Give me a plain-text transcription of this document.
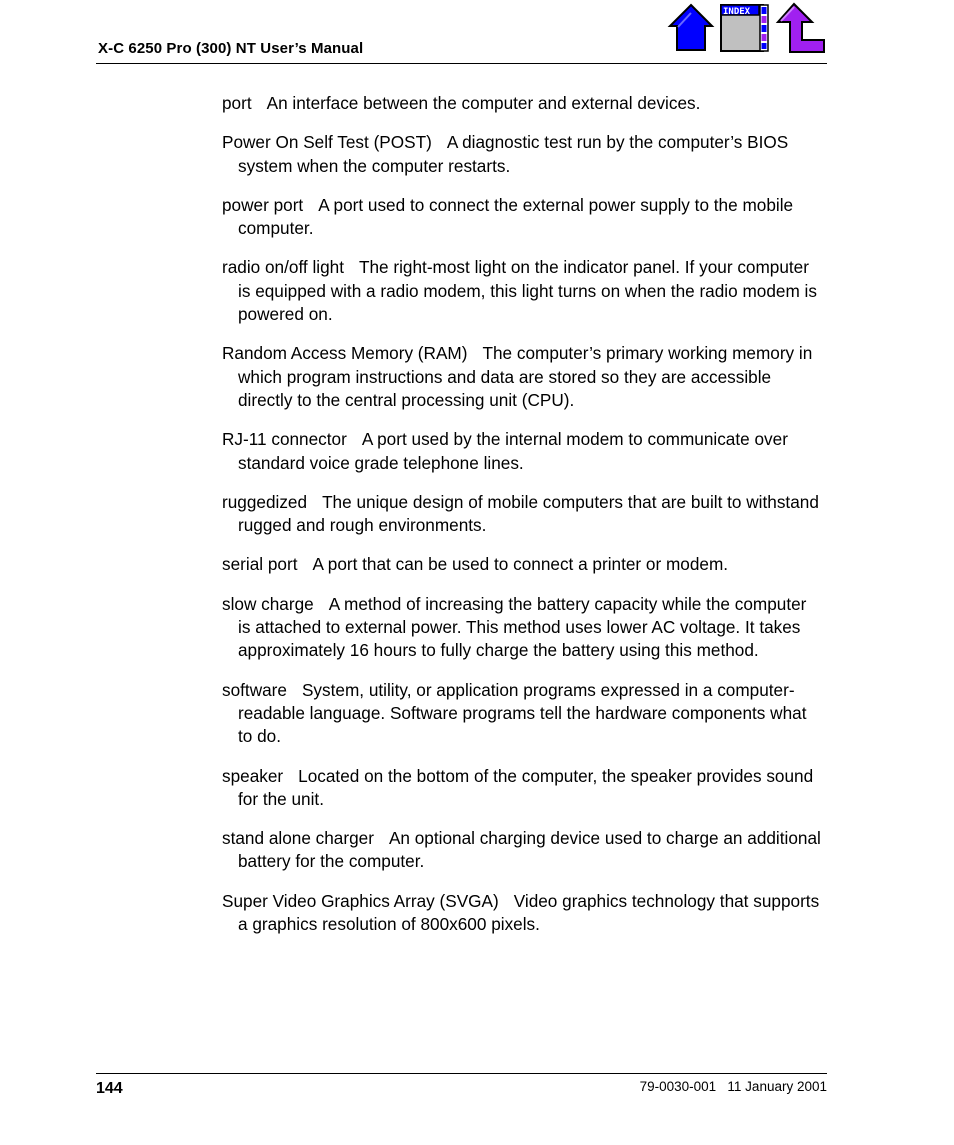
X-C 6250 Pro (300) NT User’s Manual
INDEX

port An interface between the computer and external devices.

Power On Self Test (POST) A diagnostic test run by the computer’s BIOS system when the computer restarts.

power port A port used to connect the external power supply to the mobile computer.

radio on/off light The right-most light on the indicator panel. If your computer is equipped with a radio modem, this light turns on when the radio modem is powered on.

Random Access Memory (RAM) The computer’s primary working memory in which program instructions and data are stored so they are accessible directly to the central processing unit (CPU).

RJ-11 connector A port used by the internal modem to communicate over standard voice grade telephone lines.

ruggedized The unique design of mobile computers that are built to withstand rugged and rough environments.

serial port A port that can be used to connect a printer or modem.

slow charge A method of increasing the battery capacity while the computer is attached to external power. This method uses lower AC voltage. It takes approximately 16 hours to fully charge the battery using this method.

software System, utility, or application programs expressed in a computer-readable language. Software programs tell the hardware components what to do.

speaker Located on the bottom of the computer, the speaker provides sound for the unit.

stand alone charger An optional charging device used to charge an additional battery for the computer.

Super Video Graphics Array (SVGA) Video graphics technology that supports a graphics resolution of 800x600 pixels.

144	79-0030-001 11 January 2001
